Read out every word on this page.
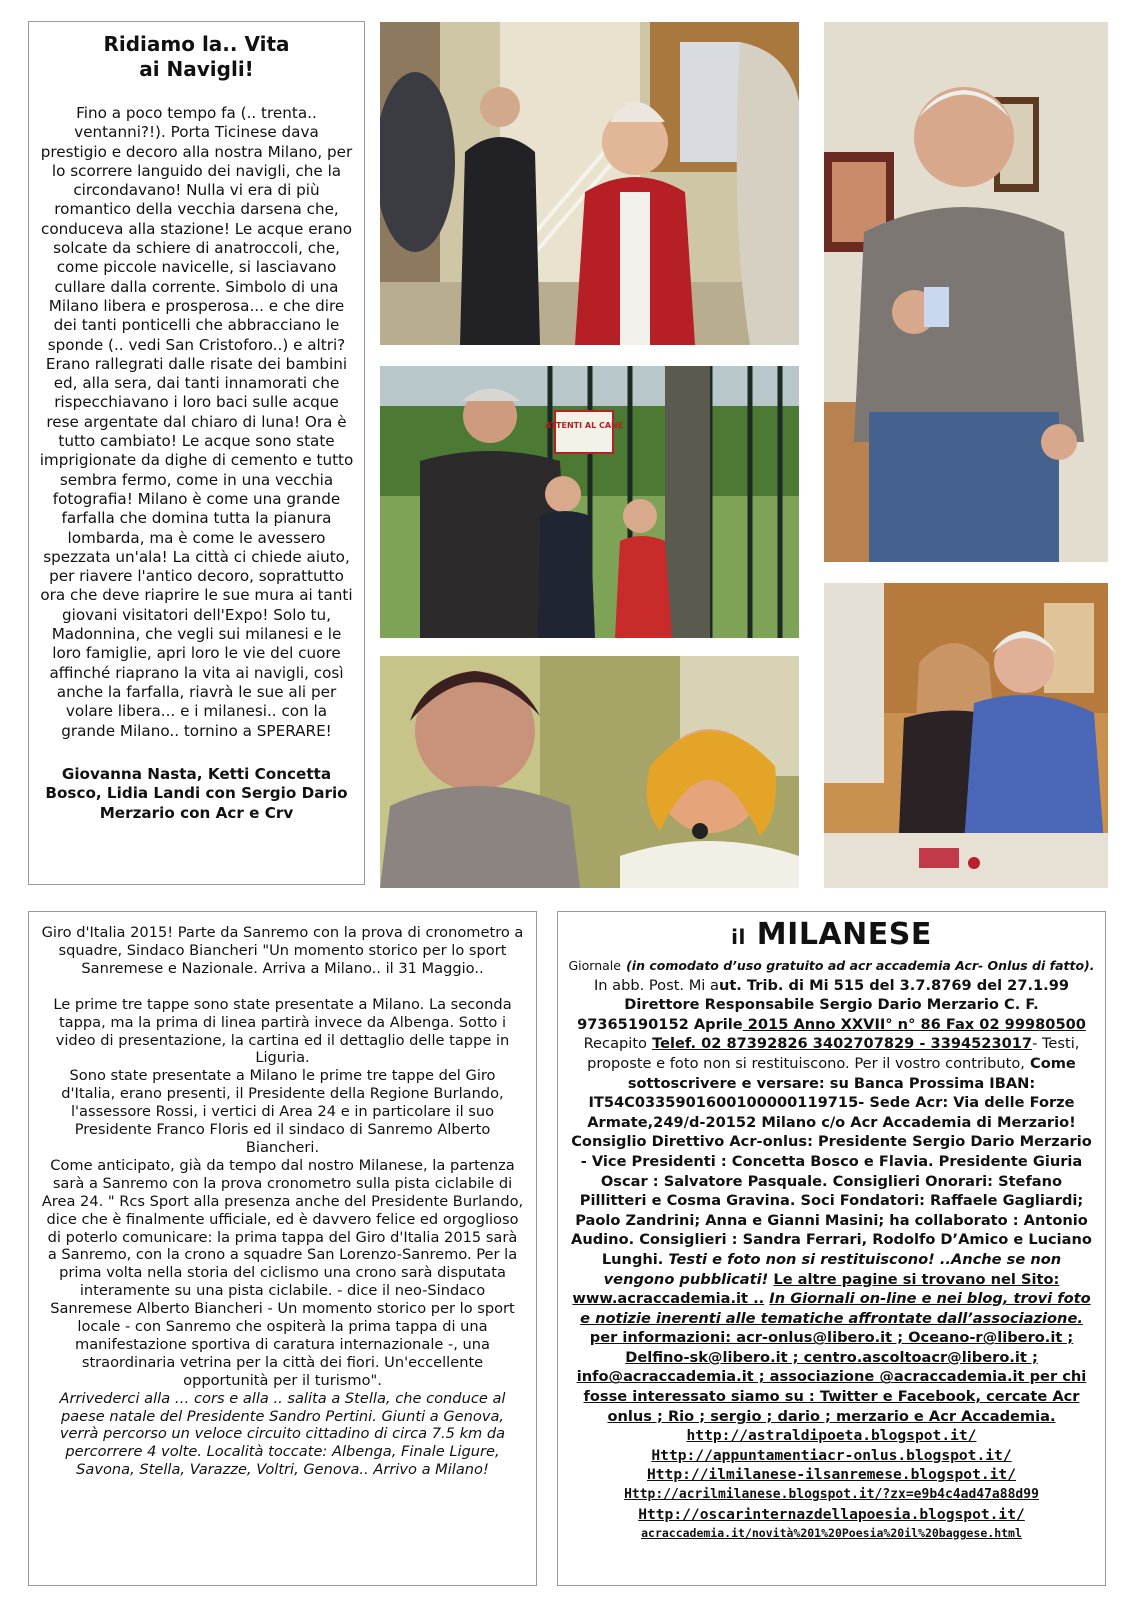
Ridiamo la.. Vita
ai Navigli!

Fino a poco tempo fa (.. trenta.. ventanni?!). Porta Ticinese dava prestigio e decoro alla nostra Milano, per lo scorrere languido dei navigli, che la circondavano! Nulla vi era di più romantico della vecchia darsena che, conduceva alla stazione! Le acque erano solcate da schiere di anatroccoli, che, come piccole navicelle, si lasciavano cullare dalla corrente. Simbolo di una Milano libera e prosperosa... e che dire dei tanti ponticelli che abbracciano le sponde (.. vedi San Cristoforo..) e altri? Erano rallegrati dalle risate dei bambini ed, alla sera, dai tanti innamorati che rispecchiavano i loro baci sulle acque rese argentate dal chiaro di luna! Ora è tutto cambiato! Le acque sono state imprigionate da dighe di cemento e tutto sembra fermo, come in una vecchia fotografia! Milano è come una grande farfalla che domina tutta la pianura lombarda, ma è come le avessero spezzata un'ala! La città ci chiede aiuto, per riavere l'antico decoro, soprattutto ora che deve riaprire le sue mura ai tanti giovani visitatori dell'Expo! Solo tu, Madonnina, che vegli sui milanesi e le loro famiglie, apri loro le vie del cuore affinché riaprano la vita ai navigli, così anche la farfalla, riavrà le sue ali per volare libera... e i milanesi.. con la grande Milano.. tornino a SPERARE!

Giovanna Nasta, Ketti Concetta Bosco, Lidia Landi con Sergio Dario Merzario con Acr e Crv
ATTENTI AL CANE

Giro d'Italia 2015! Parte da Sanremo con la prova di cronometro a squadre, Sindaco Biancheri "Un momento storico per lo sport Sanremese e Nazionale. Arriva a Milano.. il 31 Maggio..

Le prime tre tappe sono state presentate a Milano. La seconda tappa, ma la prima di linea partirà invece da Albenga. Sotto i video di presentazione, la cartina ed il dettaglio delle tappe in Liguria.

Sono state presentate a Milano le prime tre tappe del Giro d'Italia, erano presenti, il Presidente della Regione Burlando, l'assessore Rossi, i vertici di Area 24 e in particolare il suo Presidente Franco Floris ed il sindaco di Sanremo Alberto Biancheri.

Come anticipato, già da tempo dal nostro Milanese, la partenza sarà a Sanremo con la prova cronometro sulla pista ciclabile di Area 24. " Rcs Sport alla presenza anche del Presidente Burlando, dice che è finalmente ufficiale, ed è davvero felice ed orgoglioso di poterlo comunicare: la prima tappa del Giro d'Italia 2015 sarà a Sanremo, con la crono a squadre San Lorenzo-Sanremo. Per la prima volta nella storia del ciclismo una crono sarà disputata interamente su una pista ciclabile. - dice il neo-Sindaco Sanremese Alberto Biancheri - Un momento storico per lo sport locale - con Sanremo che ospiterà la prima tappa di una manifestazione sportiva di caratura internazionale -, una straordinaria vetrina per la città dei fiori. Un'eccellente opportunità per il turismo".

Arrivederci alla … cors e alla .. salita a Stella, che conduce al paese natale del Presidente Sandro Pertini. Giunti a Genova, verrà percorso un veloce circuito cittadino di circa 7.5 km da percorrere 4 volte. Località toccate: Albenga, Finale Ligure, Savona, Stella, Varazze, Voltri, Genova.. Arrivo a Milano!

il MILANESE
Giornale (in comodato d’uso gratuito ad acr accademia Acr- Onlus di fatto). In abb. Post. Mi aut. Trib. di Mi 515 del 3.7.8769 del 27.1.99 Direttore Responsabile Sergio Dario Merzario C. F. 97365190152 Aprile 2015 Anno XXVII° n° 86 Fax 02 99980500 Recapito Telef. 02 87392826 3402707829 - 3394523017- Testi, proposte e foto non si restituiscono. Per il vostro contributo, Come sottoscrivere e versare: su Banca Prossima IBAN: IT54C0335901600100000119715- Sede Acr: Via delle Forze Armate,249/d-20152 Milano c/o Acr Accademia di Merzario! Consiglio Direttivo Acr-onlus: Presidente Sergio Dario Merzario - Vice Presidenti : Concetta Bosco e Flavia. Presidente Giuria Oscar : Salvatore Pasquale. Consiglieri Onorari: Stefano Pillitteri e Cosma Gravina. Soci Fondatori: Raffaele Gagliardi; Paolo Zandrini; Anna e Gianni Masini; ha collaborato : Antonio Audino. Consiglieri : Sandra Ferrari, Rodolfo D’Amico e Luciano Lunghi. Testi e foto non si restituiscono! ..Anche se non vengono pubblicati! Le altre pagine si trovano nel Sito: www.acraccademia.it .. In Giornali on-line e nei blog, trovi foto e notizie inerenti alle tematiche affrontate dall’associazione. per informazioni: acr-onlus@libero.it ; Oceano-r@libero.it ; Delfino-sk@libero.it ; centro.ascoltoacr@libero.it ; info@acraccademia.it ; associazione @acraccademia.it per chi fosse interessato siamo su : Twitter e Facebook, cercate Acr onlus ; Rio ; sergio ; dario ; merzario e Acr Accademia.
http://astraldipoeta.blogspot.it/
Http://appuntamentiacr-onlus.blogspot.it/
Http://ilmilanese-ilsanremese.blogspot.it/
Http://acrilmilanese.blogspot.it/?zx=e9b4c4ad47a88d99
Http://oscarinternazdellapoesia.blogspot.it/
acraccademia.it/novità%201%20Poesia%20il%20baggese.html
